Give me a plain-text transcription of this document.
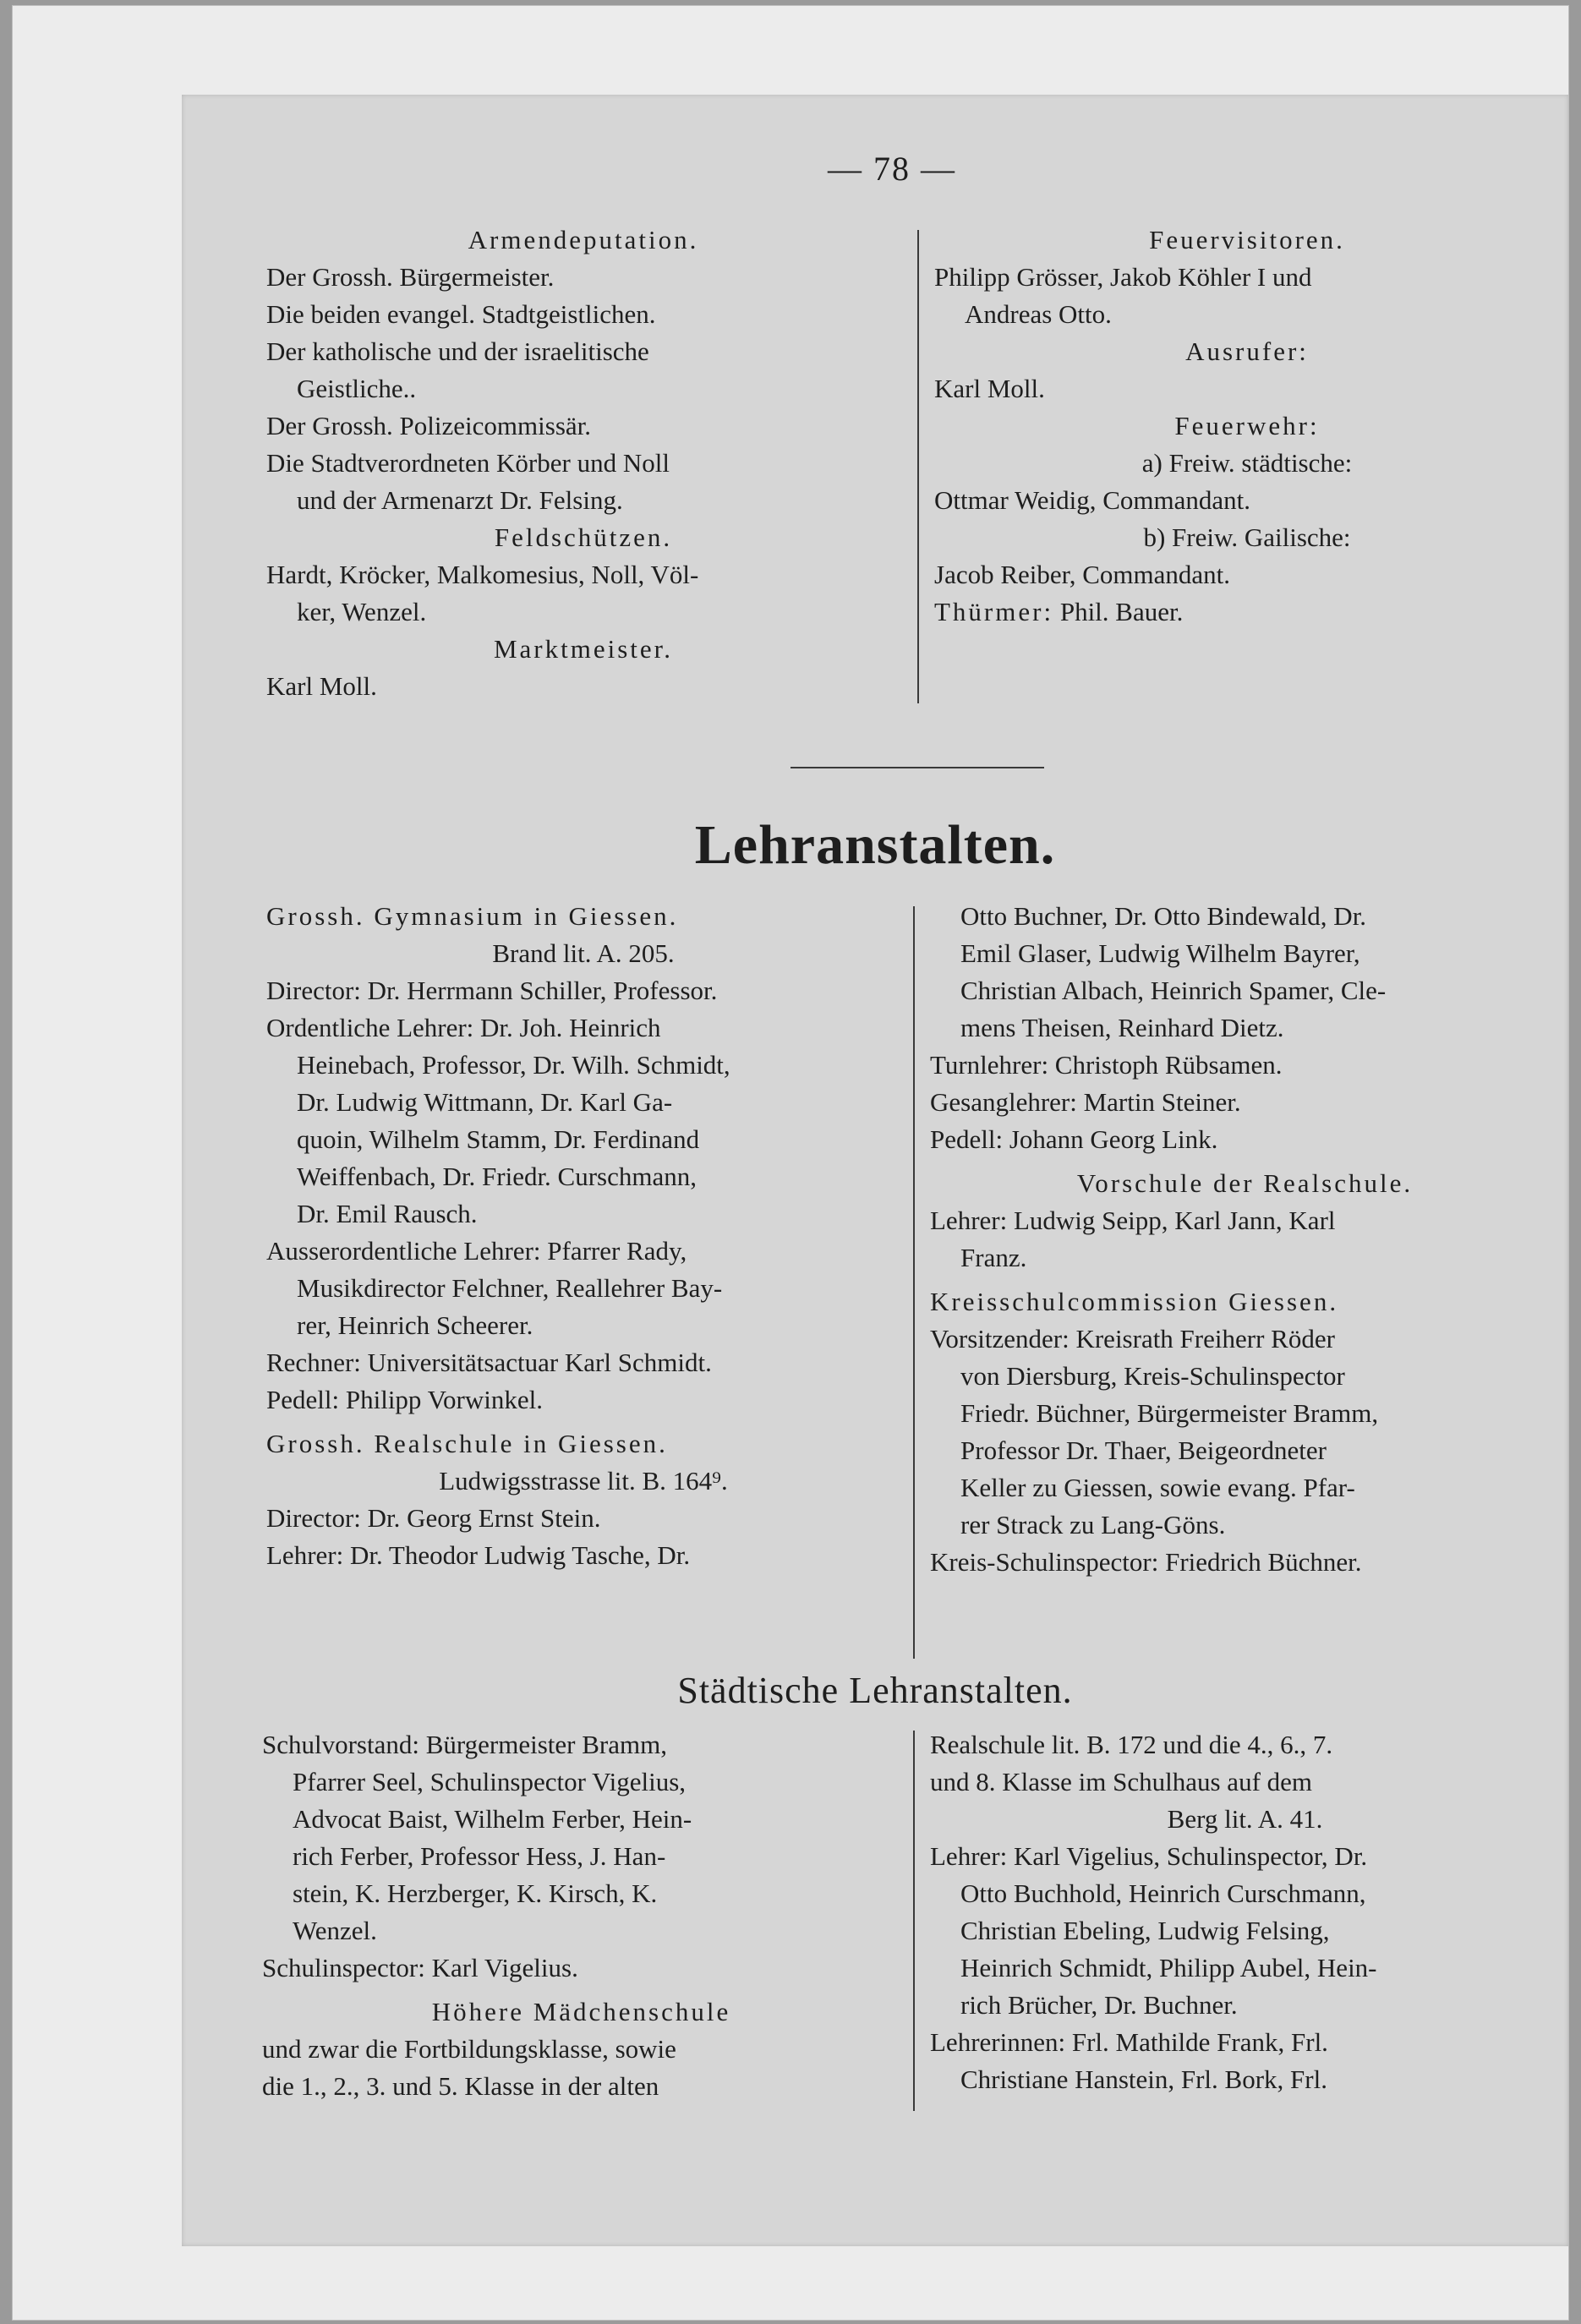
— 78 —

Armendeputation.

Der Grossh. Bürgermeister.

Die beiden evangel. Stadtgeistlichen.

Der katholische und der israelitische

Geistliche..

Der Grossh. Polizeicommissär.

Die Stadtverordneten Körber und Noll

und der Armenarzt Dr. Felsing.

Feldschützen.

Hardt, Kröcker, Malkomesius, Noll, Völ-

ker, Wenzel.

Marktmeister.

Karl Moll.

Feuervisitoren.

Philipp Grösser, Jakob Köhler I und

Andreas Otto.

Ausrufer:

Karl Moll.

Feuerwehr:

a) Freiw. städtische:

Ottmar Weidig, Commandant.

b) Freiw. Gailische:

Jacob Reiber, Commandant.

Thürmer: Phil. Bauer.

Lehranstalten.

Grossh. Gymnasium in Giessen.

Brand lit. A. 205.

Director: Dr. Herrmann Schiller, Professor.

Ordentliche Lehrer: Dr. Joh. Heinrich

Heinebach, Professor, Dr. Wilh. Schmidt,

Dr. Ludwig Wittmann, Dr. Karl Ga-

quoin, Wilhelm Stamm, Dr. Ferdinand

Weiffenbach, Dr. Friedr. Curschmann,

Dr. Emil Rausch.

Ausserordentliche Lehrer: Pfarrer Rady,

Musikdirector Felchner, Reallehrer Bay-

rer, Heinrich Scheerer.

Rechner: Universitätsactuar Karl Schmidt.

Pedell: Philipp Vorwinkel.

Grossh. Realschule in Giessen.

Ludwigsstrasse lit. B. 164⁹.

Director: Dr. Georg Ernst Stein.

Lehrer: Dr. Theodor Ludwig Tasche, Dr.

Otto Buchner, Dr. Otto Bindewald, Dr.

Emil Glaser, Ludwig Wilhelm Bayrer,

Christian Albach, Heinrich Spamer, Cle-

mens Theisen, Reinhard Dietz.

Turnlehrer: Christoph Rübsamen.

Gesanglehrer: Martin Steiner.

Pedell: Johann Georg Link.

Vorschule der Realschule.

Lehrer: Ludwig Seipp, Karl Jann, Karl

Franz.

Kreisschulcommission Giessen.

Vorsitzender: Kreisrath Freiherr Röder

von Diersburg, Kreis-Schulinspector

Friedr. Büchner, Bürgermeister Bramm,

Professor Dr. Thaer, Beigeordneter

Keller zu Giessen, sowie evang. Pfar-

rer Strack zu Lang-Göns.

Kreis-Schulinspector: Friedrich Büchner.

Städtische Lehranstalten.

Schulvorstand: Bürgermeister Bramm,

Pfarrer Seel, Schulinspector Vigelius,

Advocat Baist, Wilhelm Ferber, Hein-

rich Ferber, Professor Hess, J. Han-

stein, K. Herzberger, K. Kirsch, K.

Wenzel.

Schulinspector: Karl Vigelius.

Höhere Mädchenschule

und zwar die Fortbildungsklasse, sowie

die 1., 2., 3. und 5. Klasse in der alten

Realschule lit. B. 172 und die 4., 6., 7.

und 8. Klasse im Schulhaus auf dem

Berg lit. A. 41.

Lehrer: Karl Vigelius, Schulinspector, Dr.

Otto Buchhold, Heinrich Curschmann,

Christian Ebeling, Ludwig Felsing,

Heinrich Schmidt, Philipp Aubel, Hein-

rich Brücher, Dr. Buchner.

Lehrerinnen: Frl. Mathilde Frank, Frl.

Christiane Hanstein, Frl. Bork, Frl.
